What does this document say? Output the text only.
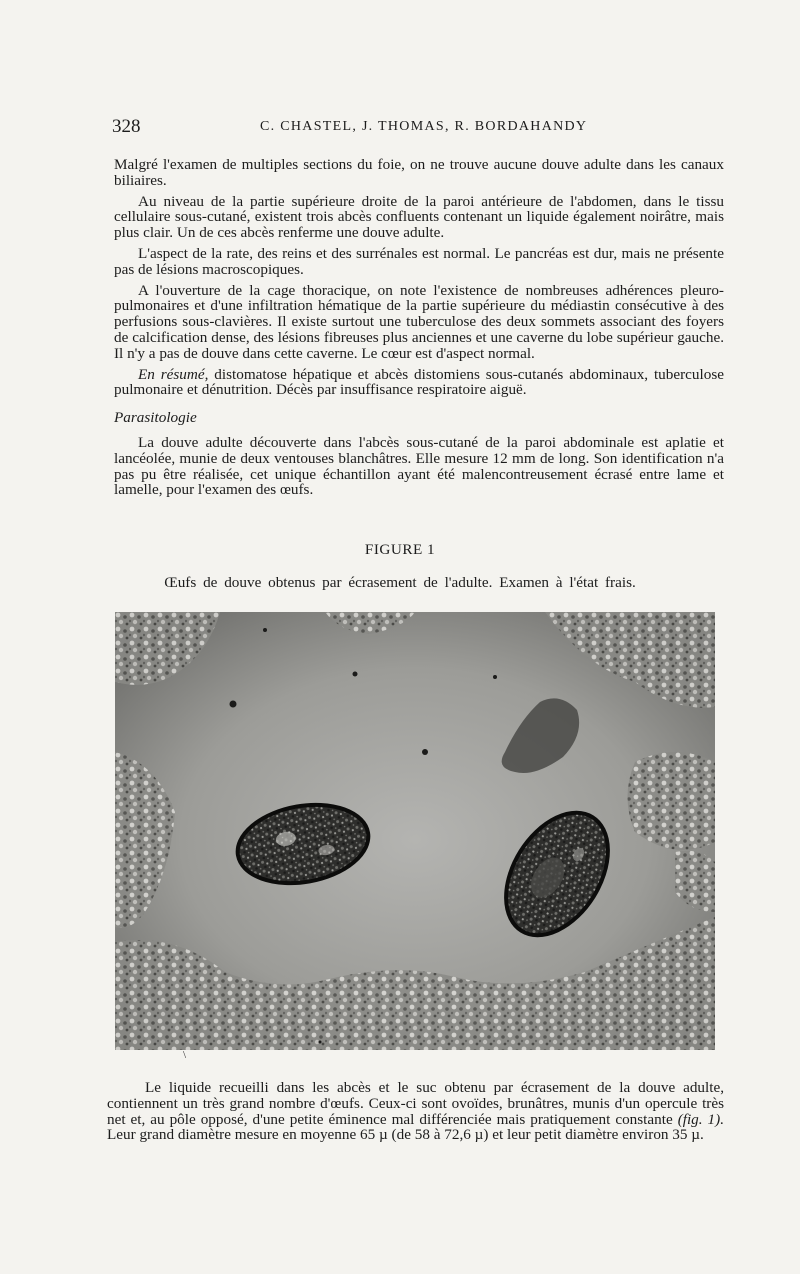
328	C. CHASTEL, J. THOMAS, R. BORDAHANDY

Malgré l'examen de multiples sections du foie, on ne trouve aucune douve adulte dans les canaux biliaires.

Au niveau de la partie supérieure droite de la paroi antérieure de l'abdomen, dans le tissu cellulaire sous-cutané, existent trois abcès confluents contenant un liquide également noirâtre, mais plus clair. Un de ces abcès renferme une douve adulte.

L'aspect de la rate, des reins et des surrénales est normal. Le pancréas est dur, mais ne présente pas de lésions macroscopiques.

A l'ouverture de la cage thoracique, on note l'existence de nombreuses adhérences pleuro-pulmonaires et d'une infiltration hématique de la partie supérieure du médiastin consécutive à des perfusions sous-clavières. Il existe surtout une tuberculose des deux sommets associant des foyers de calcification dense, des lésions fibreuses plus anciennes et une caverne du lobe supérieur gauche. Il n'y a pas de douve dans cette caverne. Le cœur est d'aspect normal.

En résumé, distomatose hépatique et abcès distomiens sous-cutanés abdominaux, tuberculose pulmonaire et dénutrition. Décès par insuffisance respiratoire aiguë.

Parasitologie

La douve adulte découverte dans l'abcès sous-cutané de la paroi abdominale est aplatie et lancéolée, munie de deux ventouses blanchâtres. Elle mesure 12 mm de long. Son identification n'a pas pu être réalisée, cet unique échantillon ayant été malencontreusement écrasé entre lame et lamelle, pour l'examen des œufs.

FIGURE 1
Œufs de douve obtenus par écrasement de l'adulte. Examen à l'état frais.
\

Le liquide recueilli dans les abcès et le suc obtenu par écrasement de la douve adulte, contiennent un très grand nombre d'œufs. Ceux-ci sont ovoïdes, brunâtres, munis d'un opercule très net et, au pôle opposé, d'une petite éminence mal différenciée mais pratiquement constante (fig. 1). Leur grand diamètre mesure en moyenne 65 µ (de 58 à 72,6 µ) et leur petit diamètre environ 35 µ.
